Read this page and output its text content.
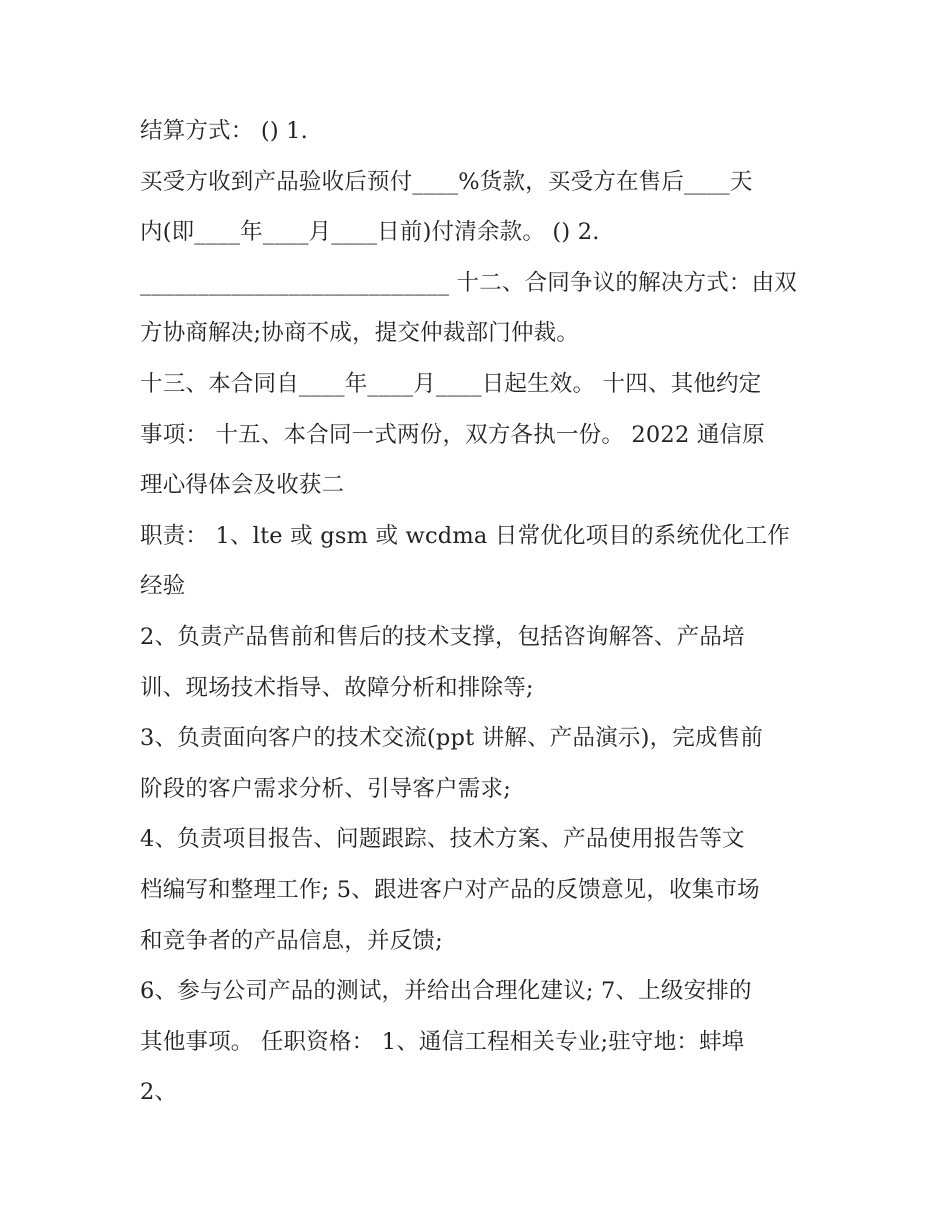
结算方式： () 1.
买受方收到产品验收后预付____%货款，买受方在售后____天
内(即____年____月____日前)付清余款。 () 2.
___________________________ 十二、合同争议的解决方式：由双
方协商解决;协商不成，提交仲裁部门仲裁。
十三、本合同自____年____月____日起生效。 十四、其他约定
事项： 十五、本合同一式两份，双方各执一份。 2022 通信原
理心得体会及收获二
职责： 1、lte 或 gsm 或 wcdma 日常优化项目的系统优化工作
经验
2、负责产品售前和售后的技术支撑，包括咨询解答、产品培
训、现场技术指导、故障分析和排除等;
3、负责面向客户的技术交流(ppt 讲解、产品演示)，完成售前
阶段的客户需求分析、引导客户需求;
4、负责项目报告、问题跟踪、技术方案、产品使用报告等文
档编写和整理工作; 5、跟进客户对产品的反馈意见，收集市场
和竞争者的产品信息，并反馈;
6、参与公司产品的测试，并给出合理化建议; 7、上级安排的
其他事项。 任职资格： 1、通信工程相关专业;驻守地：蚌埠
2、
